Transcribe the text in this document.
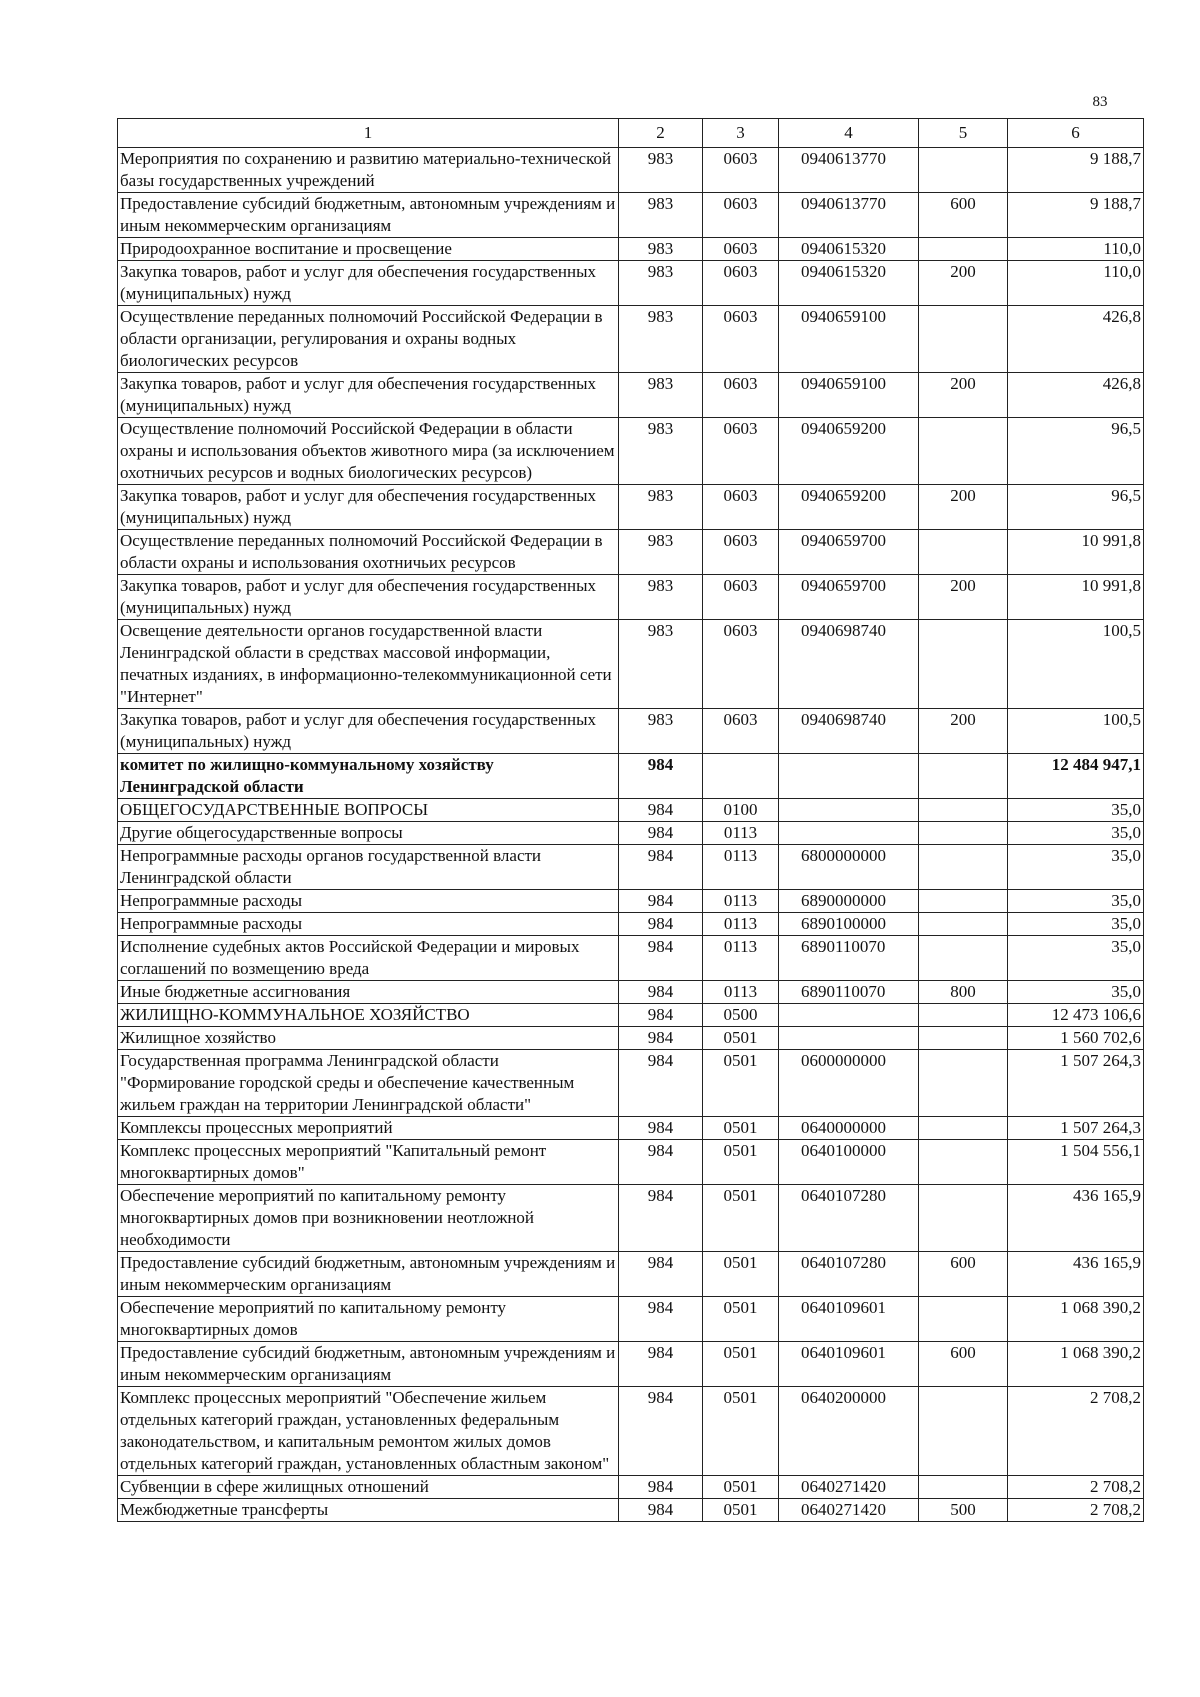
83
1	2	3	4	5	6
Мероприятия по сохранению и развитию материально-технической базы государственных учреждений	983	0603	0940613770		9 188,7
Предоставление субсидий бюджетным, автономным учреждениям и иным некоммерческим организациям	983	0603	0940613770	600	9 188,7
Природоохранное воспитание и просвещение	983	0603	0940615320		110,0
Закупка товаров, работ и услуг для обеспечения государственных (муниципальных) нужд	983	0603	0940615320	200	110,0
Осуществление переданных полномочий Российской Федерации в области организации, регулирования и охраны водных биологических ресурсов	983	0603	0940659100		426,8
Закупка товаров, работ и услуг для обеспечения государственных (муниципальных) нужд	983	0603	0940659100	200	426,8
Осуществление полномочий Российской Федерации в области охраны и использования объектов животного мира (за исключением охотничьих ресурсов и водных биологических ресурсов)	983	0603	0940659200		96,5
Закупка товаров, работ и услуг для обеспечения государственных (муниципальных) нужд	983	0603	0940659200	200	96,5
Осуществление переданных полномочий Российской Федерации в области охраны и использования охотничьих ресурсов	983	0603	0940659700		10 991,8
Закупка товаров, работ и услуг для обеспечения государственных (муниципальных) нужд	983	0603	0940659700	200	10 991,8
Освещение деятельности органов государственной власти Ленинградской области в средствах массовой информации, печатных изданиях, в информационно-телекоммуникационной сети "Интернет"	983	0603	0940698740		100,5
Закупка товаров, работ и услуг для обеспечения государственных (муниципальных) нужд	983	0603	0940698740	200	100,5
комитет по жилищно-коммунальному хозяйству Ленинградской области	984				12 484 947,1
ОБЩЕГОСУДАРСТВЕННЫЕ ВОПРОСЫ	984	0100			35,0
Другие общегосударственные вопросы	984	0113			35,0
Непрограммные расходы органов государственной власти Ленинградской области	984	0113	6800000000		35,0
Непрограммные расходы	984	0113	6890000000		35,0
Непрограммные расходы	984	0113	6890100000		35,0
Исполнение судебных актов Российской Федерации и мировых соглашений по возмещению вреда	984	0113	6890110070		35,0
Иные бюджетные ассигнования	984	0113	6890110070	800	35,0
ЖИЛИЩНО-КОММУНАЛЬНОЕ ХОЗЯЙСТВО	984	0500			12 473 106,6
Жилищное хозяйство	984	0501			1 560 702,6
Государственная программа Ленинградской области "Формирование городской среды и обеспечение качественным жильем граждан на территории Ленинградской области"	984	0501	0600000000		1 507 264,3
Комплексы процессных мероприятий	984	0501	0640000000		1 507 264,3
Комплекс процессных мероприятий "Капитальный ремонт многоквартирных домов"	984	0501	0640100000		1 504 556,1
Обеспечение мероприятий по капитальному ремонту многоквартирных домов при возникновении неотложной необходимости	984	0501	0640107280		436 165,9
Предоставление субсидий бюджетным, автономным учреждениям и иным некоммерческим организациям	984	0501	0640107280	600	436 165,9
Обеспечение мероприятий по капитальному ремонту многоквартирных домов	984	0501	0640109601		1 068 390,2
Предоставление субсидий бюджетным, автономным учреждениям и иным некоммерческим организациям	984	0501	0640109601	600	1 068 390,2
Комплекс процессных мероприятий "Обеспечение жильем отдельных категорий граждан, установленных федеральным законодательством, и капитальным ремонтом жилых домов отдельных категорий граждан, установленных областным законом"	984	0501	0640200000		2 708,2
Субвенции в сфере жилищных отношений	984	0501	0640271420		2 708,2
Межбюджетные трансферты	984	0501	0640271420	500	2 708,2
